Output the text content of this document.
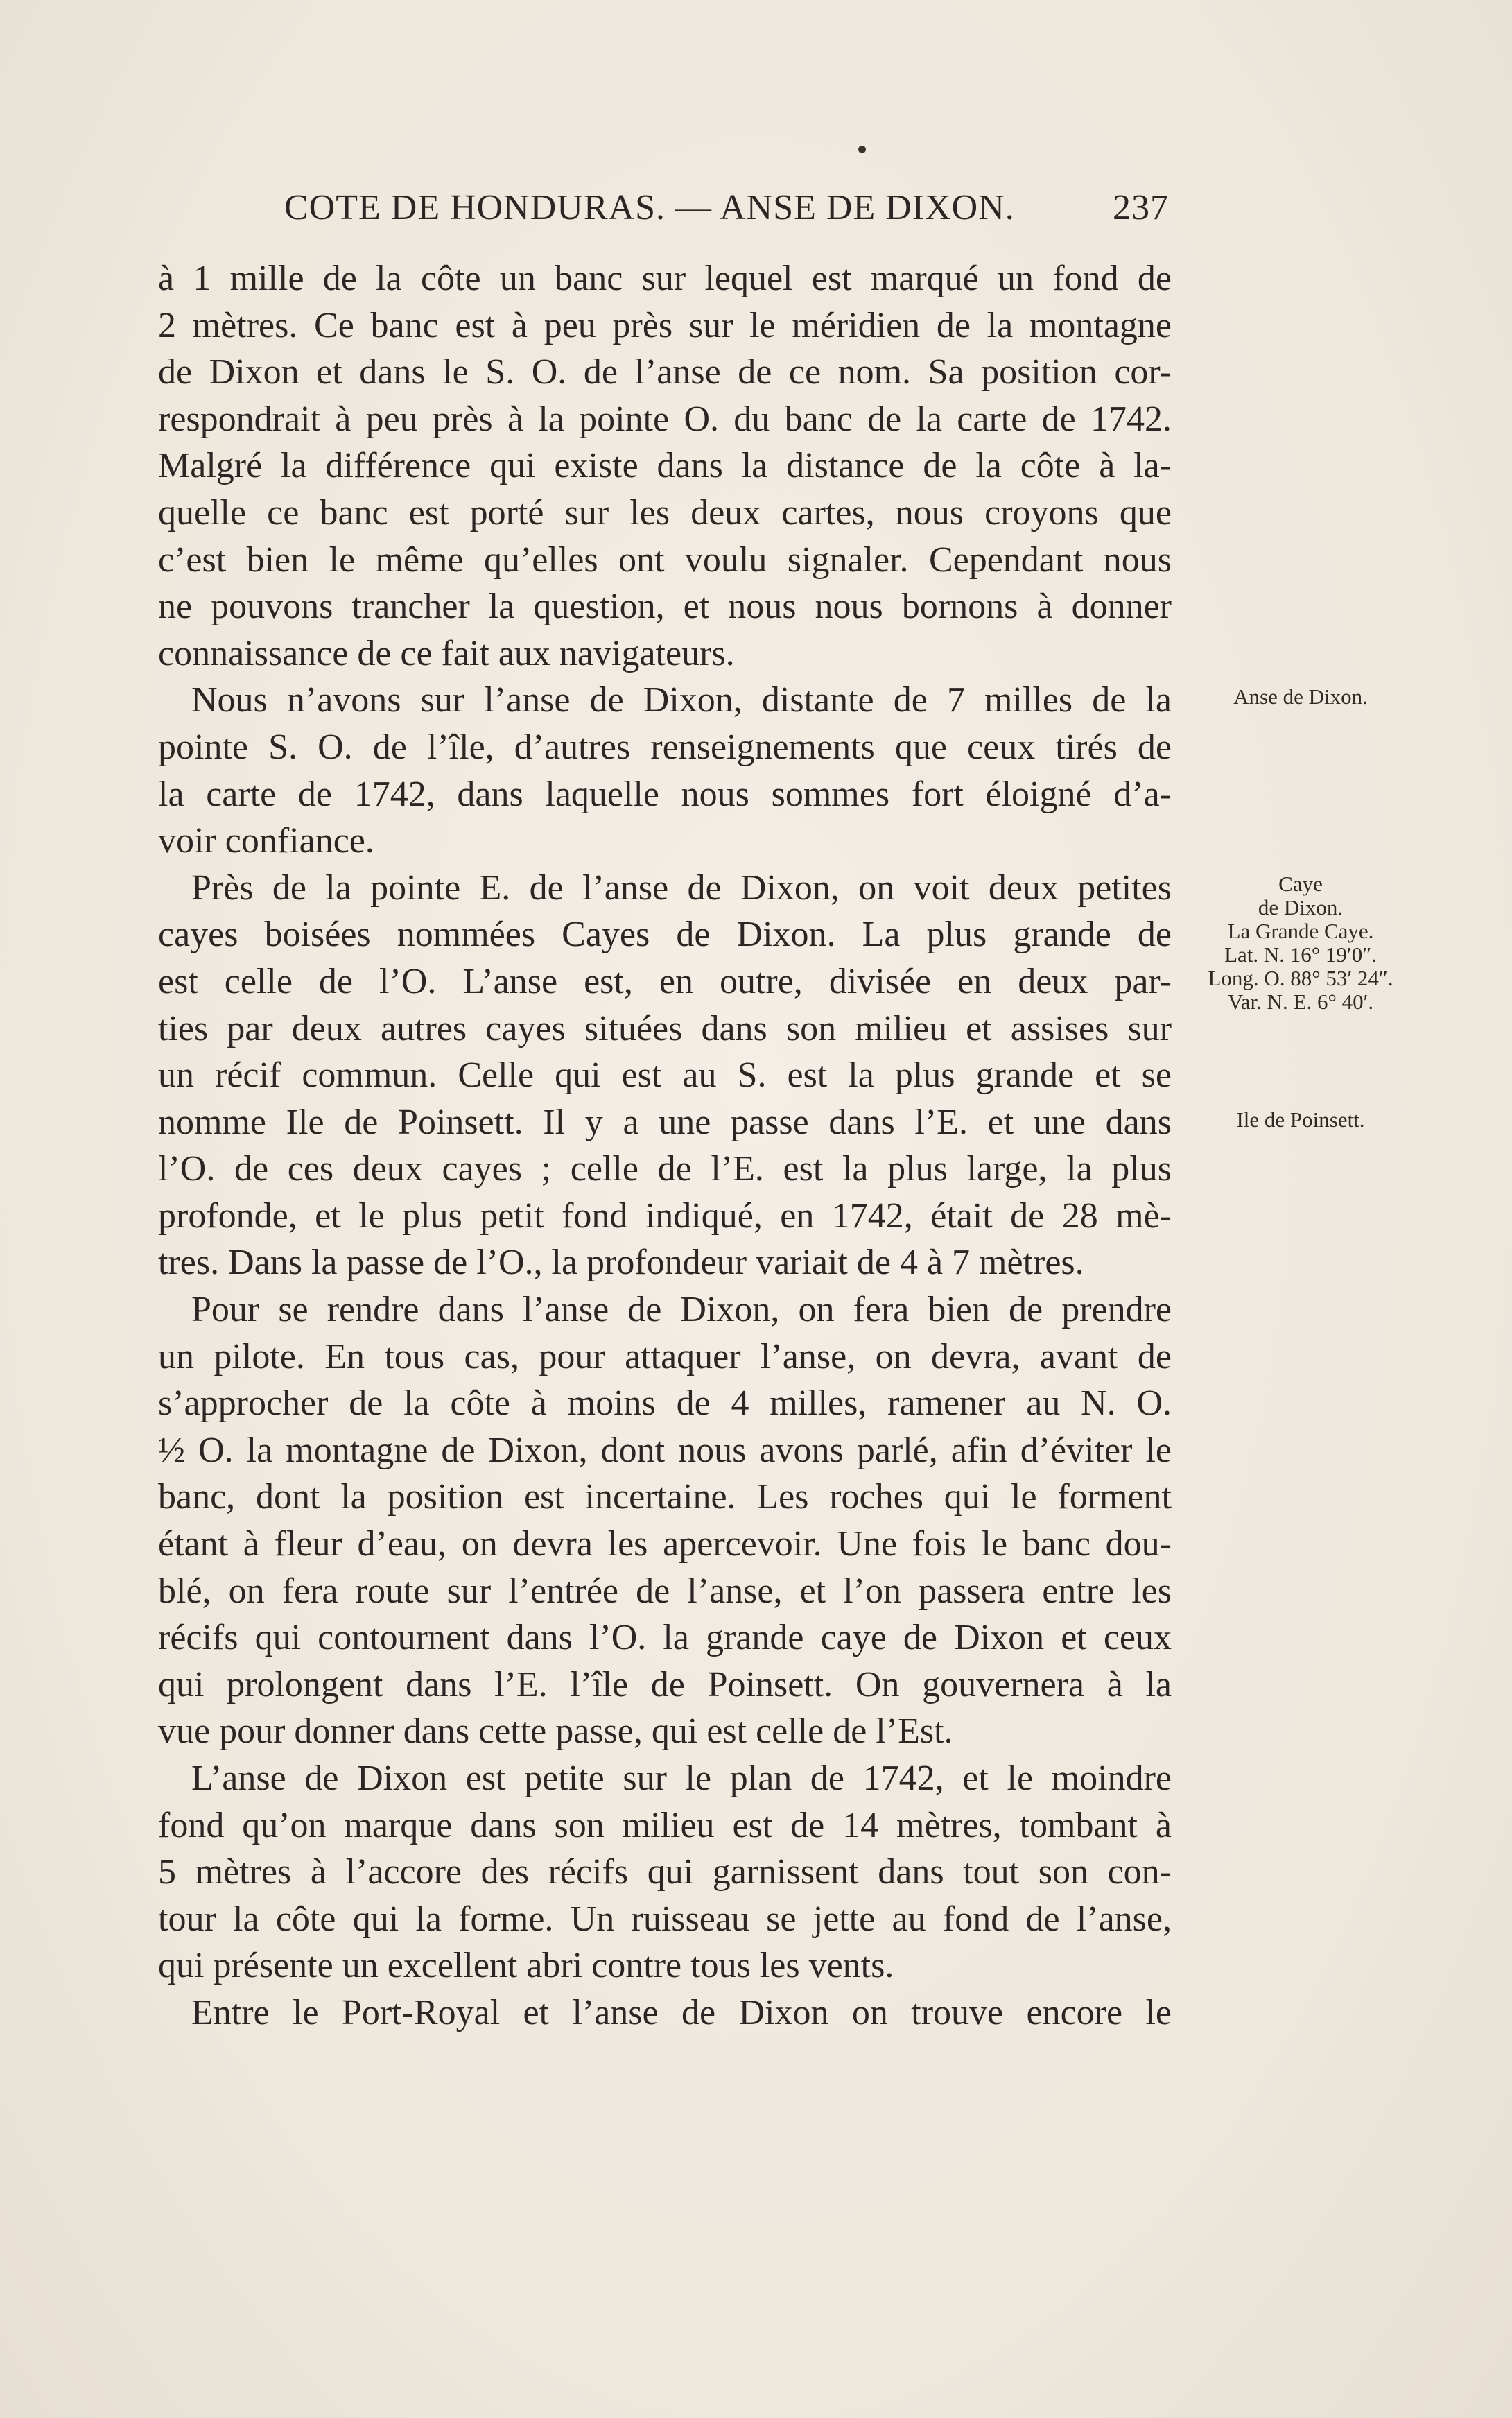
COTE DE HONDURAS. — ANSE DE DIXON.	237
à 1 mille de la côte un banc sur lequel est marqué un fond de
2 mètres. Ce banc est à peu près sur le méridien de la montagne
de Dixon et dans le S. O. de l’anse de ce nom. Sa position cor-
respondrait à peu près à la pointe O. du banc de la carte de 1742.
Malgré la différence qui existe dans la distance de la côte à la-
quelle ce banc est porté sur les deux cartes, nous croyons que
c’est bien le même qu’elles ont voulu signaler. Cependant nous
ne pouvons trancher la question, et nous nous bornons à donner
connaissance de ce fait aux navigateurs.
Nous n’avons sur l’anse de Dixon, distante de 7 milles de la
pointe S. O. de l’île, d’autres renseignements que ceux tirés de
la carte de 1742, dans laquelle nous sommes fort éloigné d’a-
voir confiance.
Près de la pointe E. de l’anse de Dixon, on voit deux petites
cayes boisées nommées Cayes de Dixon. La plus grande de
est celle de l’O. L’anse est, en outre, divisée en deux par-
ties par deux autres cayes situées dans son milieu et assises sur
un récif commun. Celle qui est au S. est la plus grande et se
nomme Ile de Poinsett. Il y a une passe dans l’E. et une dans
l’O. de ces deux cayes ; celle de l’E. est la plus large, la plus
profonde, et le plus petit fond indiqué, en 1742, était de 28 mè-
tres. Dans la passe de l’O., la profondeur variait de 4 à 7 mètres.
Pour se rendre dans l’anse de Dixon, on fera bien de prendre
un pilote. En tous cas, pour attaquer l’anse, on devra, avant de
s’approcher de la côte à moins de 4 milles, ramener au N. O.
½ O. la montagne de Dixon, dont nous avons parlé, afin d’éviter le
banc, dont la position est incertaine. Les roches qui le forment
étant à fleur d’eau, on devra les apercevoir. Une fois le banc dou-
blé, on fera route sur l’entrée de l’anse, et l’on passera entre les
récifs qui contournent dans l’O. la grande caye de Dixon et ceux
qui prolongent dans l’E. l’île de Poinsett. On gouvernera à la
vue pour donner dans cette passe, qui est celle de l’Est.
L’anse de Dixon est petite sur le plan de 1742, et le moindre
fond qu’on marque dans son milieu est de 14 mètres, tombant à
5 mètres à l’accore des récifs qui garnissent dans tout son con-
tour la côte qui la forme. Un ruisseau se jette au fond de l’anse,
qui présente un excellent abri contre tous les vents.
Entre le Port-Royal et l’anse de Dixon on trouve encore le
Anse de Dixon.
Caye
de Dixon.
La Grande Caye.
Lat. N. 16° 19′0″.
Long. O. 88° 53′ 24″.
Var. N. E. 6° 40′.
Ile de Poinsett.
